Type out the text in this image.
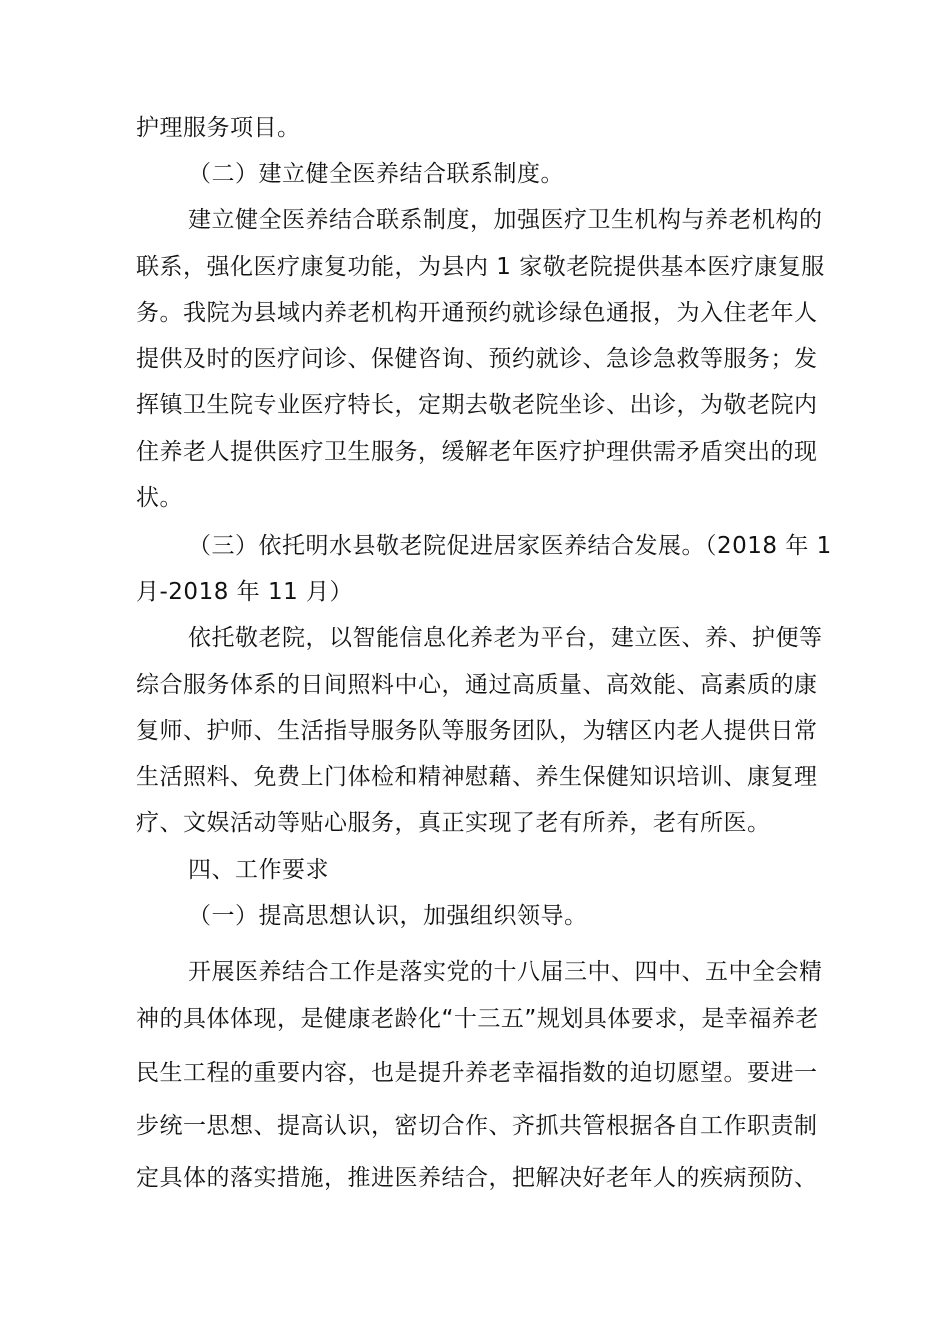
护理服务项目。
（二）建立健全医养结合联系制度。
建立健全医养结合联系制度，加强医疗卫生机构与养老机构的
联系，强化医疗康复功能，为县内 1 家敬老院提供基本医疗康复服
务。我院为县域内养老机构开通预约就诊绿色通报，为入住老年人
提供及时的医疗问诊、保健咨询、预约就诊、急诊急救等服务；发
挥镇卫生院专业医疗特长，定期去敬老院坐诊、出诊，为敬老院内
住养老人提供医疗卫生服务，缓解老年医疗护理供需矛盾突出的现
状。
（三）依托明水县敬老院促进居家医养结合发展。（2018 年 1
月-2018 年 11 月）
依托敬老院，以智能信息化养老为平台，建立医、养、护便等
综合服务体系的日间照料中心，通过高质量、高效能、高素质的康
复师、护师、生活指导服务队等服务团队，为辖区内老人提供日常
生活照料、免费上门体检和精神慰藉、养生保健知识培训、康复理
疗、文娱活动等贴心服务，真正实现了老有所养，老有所医。
四、工作要求
（一）提高思想认识，加强组织领导。
开展医养结合工作是落实党的十八届三中、四中、五中全会精
神的具体体现，是健康老龄化“十三五”规划具体要求，是幸福养老
民生工程的重要内容，也是提升养老幸福指数的迫切愿望。要进一
步统一思想、提高认识，密切合作、齐抓共管根据各自工作职责制
定具体的落实措施，推进医养结合，把解决好老年人的疾病预防、
